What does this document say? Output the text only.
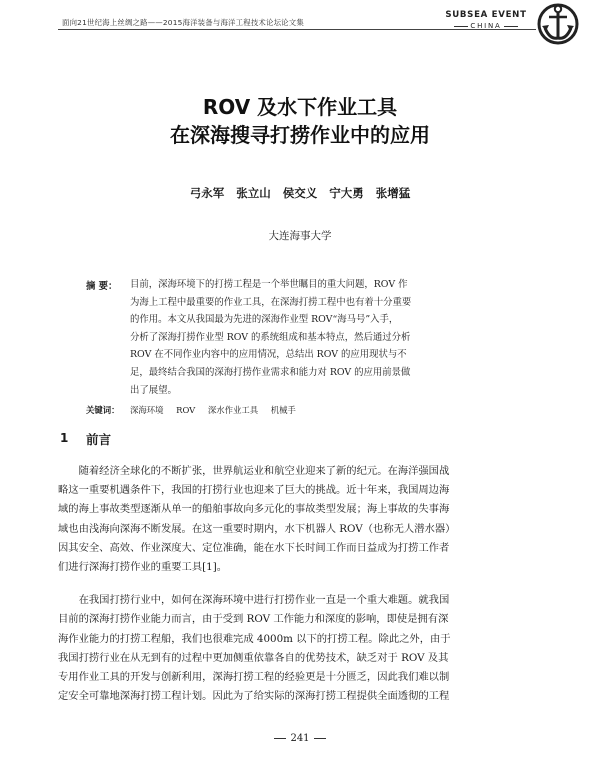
面向21世纪海上丝绸之路——2015海洋装备与海洋工程技术论坛论文集
SUBSEA EVENT
CHINA
ROV 及水下作业工具
在深海搜寻打捞作业中的应用
弓永军 张立山 侯交义 宁大勇 张增猛
大连海事大学
摘 要： 目前，深海环境下的打捞工程是一个举世瞩目的重大问题，ROV 作
为海上工程中最重要的作业工具，在深海打捞工程中也有着十分重要
的作用。本文从我国最为先进的深海作业型 ROV“海马号”入手，
分析了深海打捞作业型 ROV 的系统组成和基本特点，然后通过分析
ROV 在不同作业内容中的应用情况，总结出 ROV 的应用现状与不
足，最终结合我国的深海打捞作业需求和能力对 ROV 的应用前景做
出了展望。
关键词： 深海环境 ROV 深水作业工具 机械手
1 前言
　　随着经济全球化的不断扩张，世界航运业和航空业迎来了新的纪元。在海洋强国战
略这一重要机遇条件下，我国的打捞行业也迎来了巨大的挑战。近十年来，我国周边海
域的海上事故类型逐渐从单一的船舶事故向多元化的事故类型发展；海上事故的失事海
域也由浅海向深海不断发展。在这一重要时期内，水下机器人 ROV（也称无人潜水器）
因其安全、高效、作业深度大、定位准确，能在水下长时间工作而日益成为打捞工作者
们进行深海打捞作业的重要工具[1]。
　　在我国打捞行业中，如何在深海环境中进行打捞作业一直是一个重大难题。就我国
目前的深海打捞作业能力而言，由于受到 ROV 工作能力和深度的影响，即使是拥有深
海作业能力的打捞工程船，我们也很难完成 4000m 以下的打捞工程。除此之外，由于
我国打捞行业在从无到有的过程中更加侧重依靠各自的优势技术，缺乏对于 ROV 及其
专用作业工具的开发与创新利用，深海打捞工程的经验更是十分匮乏，因此我们难以制
定安全可靠地深海打捞工程计划。因此为了给实际的深海打捞工程提供全面透彻的工程
241
